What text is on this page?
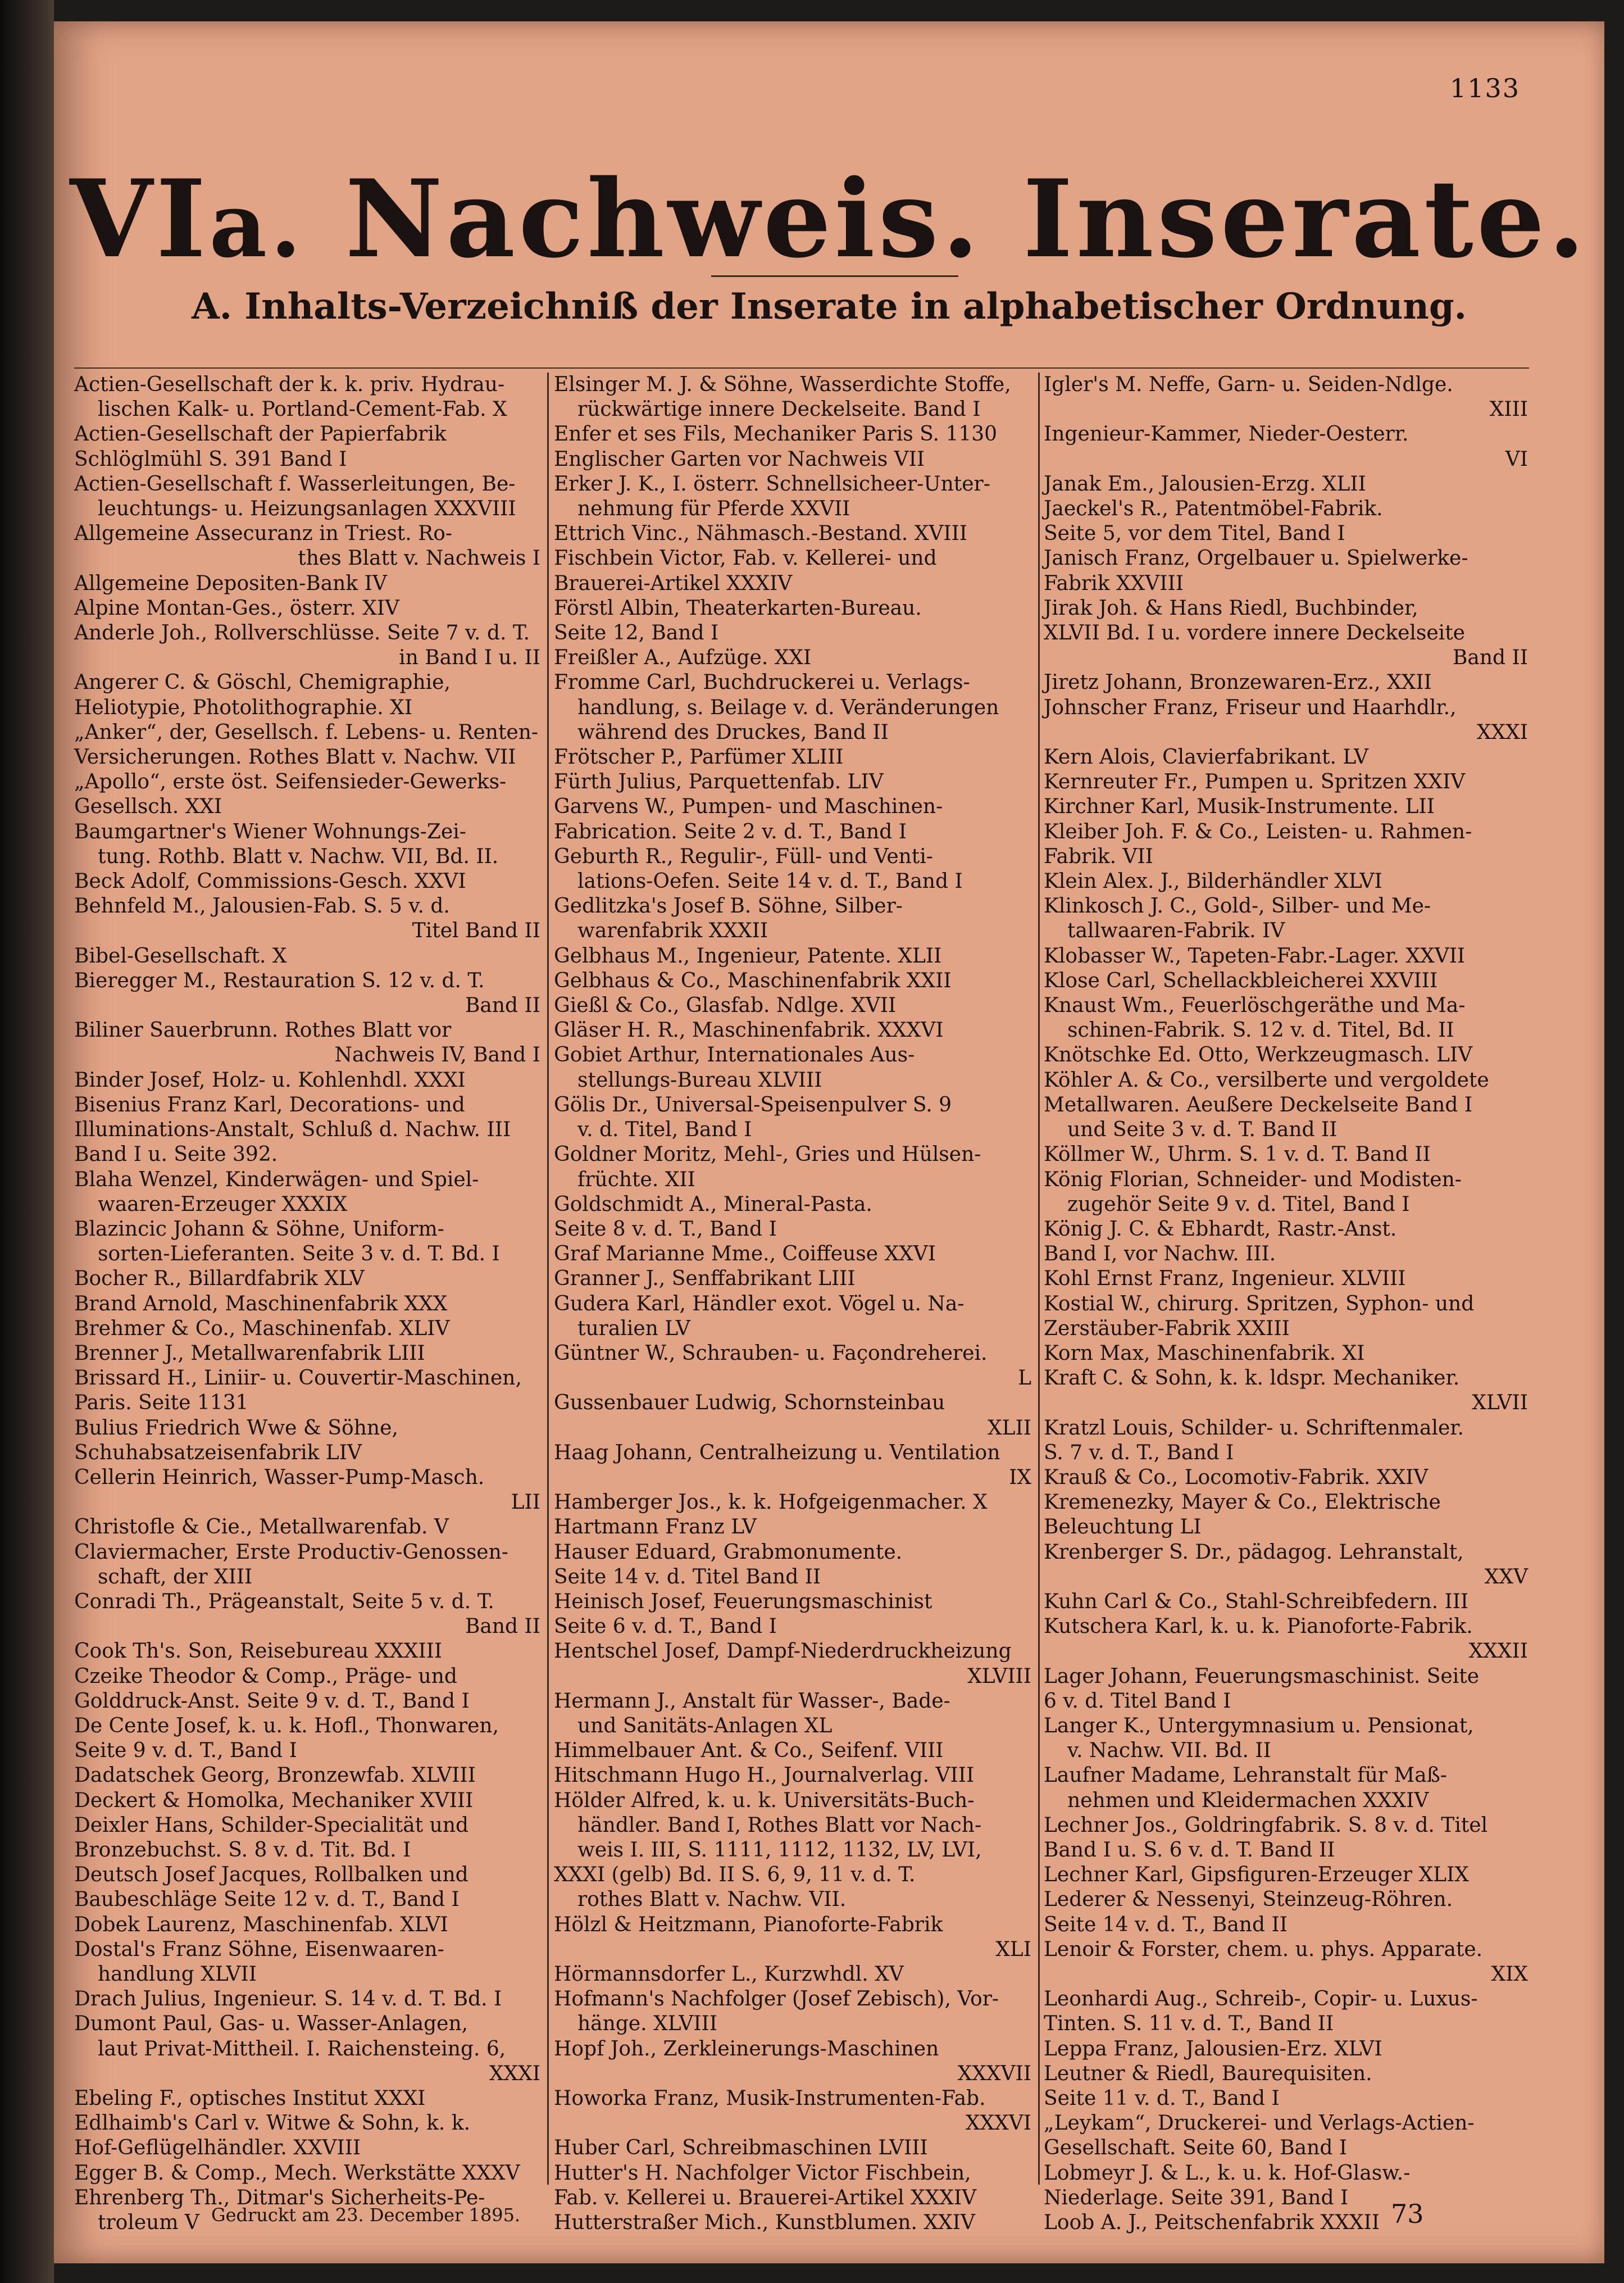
1133
VIa. Nachweis. Inserate.
A. Inhalts-Verzeichniß der Inserate in alphabetischer Ordnung.

Actien-Gesellschaft der k. k. priv. Hydrau-

lischen Kalk- u. Portland-Cement-Fab. X

Actien-Gesellschaft der Papierfabrik

Schlöglmühl S. 391 Band I

Actien-Gesellschaft f. Wasserleitungen, Be-

leuchtungs- u. Heizungsanlagen XXXVIII

Allgemeine Assecuranz in Triest. Ro-

thes Blatt v. Nachweis I

Allgemeine Depositen-Bank IV

Alpine Montan-Ges., österr. XIV

Anderle Joh., Rollverschlüsse. Seite 7 v. d. T.

in Band I u. II

Angerer C. & Göschl, Chemigraphie,

Heliotypie, Photolithographie. XI

„Anker“, der, Gesellsch. f. Lebens- u. Renten-

Versicherungen. Rothes Blatt v. Nachw. VII

„Apollo“, erste öst. Seifensieder-Gewerks-

Gesellsch. XXI

Baumgartner's Wiener Wohnungs-Zei-

tung. Rothb. Blatt v. Nachw. VII, Bd. II.

Beck Adolf, Commissions-Gesch. XXVI

Behnfeld M., Jalousien-Fab. S. 5 v. d.

Titel Band II

Bibel-Gesellschaft. X

Bieregger M., Restauration S. 12 v. d. T.

Band II

Biliner Sauerbrunn. Rothes Blatt vor

Nachweis IV, Band I

Binder Josef, Holz- u. Kohlenhdl. XXXI

Bisenius Franz Karl, Decorations- und

Illuminations-Anstalt, Schluß d. Nachw. III

Band I u. Seite 392.

Blaha Wenzel, Kinderwägen- und Spiel-

waaren-Erzeuger XXXIX

Blazincic Johann & Söhne, Uniform-

sorten-Lieferanten. Seite 3 v. d. T. Bd. I

Bocher R., Billardfabrik XLV

Brand Arnold, Maschinenfabrik XXX

Brehmer & Co., Maschinenfab. XLIV

Brenner J., Metallwarenfabrik LIII

Brissard H., Liniir- u. Couvertir-Maschinen,

Paris. Seite 1131

Bulius Friedrich Wwe & Söhne,

Schuhabsatzeisenfabrik LIV

Cellerin Heinrich, Wasser-Pump-Masch.

LII

Christofle & Cie., Metallwarenfab. V

Claviermacher, Erste Productiv-Genossen-

schaft, der XIII

Conradi Th., Prägeanstalt, Seite 5 v. d. T.

Band II

Cook Th's. Son, Reisebureau XXXIII

Czeike Theodor & Comp., Präge- und

Golddruck-Anst. Seite 9 v. d. T., Band I

De Cente Josef, k. u. k. Hofl., Thonwaren,

Seite 9 v. d. T., Band I

Dadatschek Georg, Bronzewfab. XLVIII

Deckert & Homolka, Mechaniker XVIII

Deixler Hans, Schilder-Specialität und

Bronzebuchst. S. 8 v. d. Tit. Bd. I

Deutsch Josef Jacques, Rollbalken und

Baubeschläge Seite 12 v. d. T., Band I

Dobek Laurenz, Maschinenfab. XLVI

Dostal's Franz Söhne, Eisenwaaren-

handlung XLVII

Drach Julius, Ingenieur. S. 14 v. d. T. Bd. I

Dumont Paul, Gas- u. Wasser-Anlagen,

laut Privat-Mittheil. I. Raichensteing. 6,

XXXI

Ebeling F., optisches Institut XXXI

Edlhaimb's Carl v. Witwe & Sohn, k. k.

Hof-Geflügelhändler. XXVIII

Egger B. & Comp., Mech. Werkstätte XXXV

Ehrenberg Th., Ditmar's Sicherheits-Pe-

troleum V

Elsinger M. J. & Söhne, Wasserdichte Stoffe,

rückwärtige innere Deckelseite. Band I

Enfer et ses Fils, Mechaniker Paris S. 1130

Englischer Garten vor Nachweis VII

Erker J. K., I. österr. Schnellsicheer-Unter-

nehmung für Pferde XXVII

Ettrich Vinc., Nähmasch.-Bestand. XVIII

Fischbein Victor, Fab. v. Kellerei- und

Brauerei-Artikel XXXIV

Förstl Albin, Theaterkarten-Bureau.

Seite 12, Band I

Freißler A., Aufzüge. XXI

Fromme Carl, Buchdruckerei u. Verlags-

handlung, s. Beilage v. d. Veränderungen

während des Druckes, Band II

Frötscher P., Parfümer XLIII

Fürth Julius, Parquettenfab. LIV

Garvens W., Pumpen- und Maschinen-

Fabrication. Seite 2 v. d. T., Band I

Geburth R., Regulir-, Füll- und Venti-

lations-Oefen. Seite 14 v. d. T., Band I

Gedlitzka's Josef B. Söhne, Silber-

warenfabrik XXXII

Gelbhaus M., Ingenieur, Patente. XLII

Gelbhaus & Co., Maschinenfabrik XXII

Gießl & Co., Glasfab. Ndlge. XVII

Gläser H. R., Maschinenfabrik. XXXVI

Gobiet Arthur, Internationales Aus-

stellungs-Bureau XLVIII

Gölis Dr., Universal-Speisenpulver S. 9

v. d. Titel, Band I

Goldner Moritz, Mehl-, Gries und Hülsen-

früchte. XII

Goldschmidt A., Mineral-Pasta.

Seite 8 v. d. T., Band I

Graf Marianne Mme., Coiffeuse XXVI

Granner J., Senffabrikant LIII

Gudera Karl, Händler exot. Vögel u. Na-

turalien LV

Güntner W., Schrauben- u. Façondreherei.

L

Gussenbauer Ludwig, Schornsteinbau

XLII

Haag Johann, Centralheizung u. Ventilation

IX

Hamberger Jos., k. k. Hofgeigenmacher. X

Hartmann Franz LV

Hauser Eduard, Grabmonumente.

Seite 14 v. d. Titel Band II

Heinisch Josef, Feuerungsmaschinist

Seite 6 v. d. T., Band I

Hentschel Josef, Dampf-Niederdruckheizung

XLVIII

Hermann J., Anstalt für Wasser-, Bade-

und Sanitäts-Anlagen XL

Himmelbauer Ant. & Co., Seifenf. VIII

Hitschmann Hugo H., Journalverlag. VIII

Hölder Alfred, k. u. k. Universitäts-Buch-

händler. Band I, Rothes Blatt vor Nach-

weis I. III, S. 1111, 1112, 1132, LV, LVI,

XXXI (gelb) Bd. II S. 6, 9, 11 v. d. T.

rothes Blatt v. Nachw. VII.

Hölzl & Heitzmann, Pianoforte-Fabrik

XLI

Hörmannsdorfer L., Kurzwhdl. XV

Hofmann's Nachfolger (Josef Zebisch), Vor-

hänge. XLVIII

Hopf Joh., Zerkleinerungs-Maschinen

XXXVII

Howorka Franz, Musik-Instrumenten-Fab.

XXXVI

Huber Carl, Schreibmaschinen LVIII

Hutter's H. Nachfolger Victor Fischbein,

Fab. v. Kellerei u. Brauerei-Artikel XXXIV

Hutterstraßer Mich., Kunstblumen. XXIV

Igler's M. Neffe, Garn- u. Seiden-Ndlge.

XIII

Ingenieur-Kammer, Nieder-Oesterr.

VI

Janak Em., Jalousien-Erzg. XLII

Jaeckel's R., Patentmöbel-Fabrik.

Seite 5, vor dem Titel, Band I

Janisch Franz, Orgelbauer u. Spielwerke-

Fabrik XXVIII

Jirak Joh. & Hans Riedl, Buchbinder,

XLVII Bd. I u. vordere innere Deckelseite

Band II

Jiretz Johann, Bronzewaren-Erz., XXII

Johnscher Franz, Friseur und Haarhdlr.,

XXXI

Kern Alois, Clavierfabrikant. LV

Kernreuter Fr., Pumpen u. Spritzen XXIV

Kirchner Karl, Musik-Instrumente. LII

Kleiber Joh. F. & Co., Leisten- u. Rahmen-

Fabrik. VII

Klein Alex. J., Bilderhändler XLVI

Klinkosch J. C., Gold-, Silber- und Me-

tallwaaren-Fabrik. IV

Klobasser W., Tapeten-Fabr.-Lager. XXVII

Klose Carl, Schellackbleicherei XXVIII

Knaust Wm., Feuerlöschgeräthe und Ma-

schinen-Fabrik. S. 12 v. d. Titel, Bd. II

Knötschke Ed. Otto, Werkzeugmasch. LIV

Köhler A. & Co., versilberte und vergoldete

Metallwaren. Aeußere Deckelseite Band I

und Seite 3 v. d. T. Band II

Köllmer W., Uhrm. S. 1 v. d. T. Band II

König Florian, Schneider- und Modisten-

zugehör Seite 9 v. d. Titel, Band I

König J. C. & Ebhardt, Rastr.-Anst.

Band I, vor Nachw. III.

Kohl Ernst Franz, Ingenieur. XLVIII

Kostial W., chirurg. Spritzen, Syphon- und

Zerstäuber-Fabrik XXIII

Korn Max, Maschinenfabrik. XI

Kraft C. & Sohn, k. k. ldspr. Mechaniker.

XLVII

Kratzl Louis, Schilder- u. Schriftenmaler.

S. 7 v. d. T., Band I

Krauß & Co., Locomotiv-Fabrik. XXIV

Kremenezky, Mayer & Co., Elektrische

Beleuchtung LI

Krenberger S. Dr., pädagog. Lehranstalt,

XXV

Kuhn Carl & Co., Stahl-Schreibfedern. III

Kutschera Karl, k. u. k. Pianoforte-Fabrik.

XXXII

Lager Johann, Feuerungsmaschinist. Seite

6 v. d. Titel Band I

Langer K., Untergymnasium u. Pensionat,

v. Nachw. VII. Bd. II

Laufner Madame, Lehranstalt für Maß-

nehmen und Kleidermachen XXXIV

Lechner Jos., Goldringfabrik. S. 8 v. d. Titel

Band I u. S. 6 v. d. T. Band II

Lechner Karl, Gipsfiguren-Erzeuger XLIX

Lederer & Nessenyi, Steinzeug-Röhren.

Seite 14 v. d. T., Band II

Lenoir & Forster, chem. u. phys. Apparate.

XIX

Leonhardi Aug., Schreib-, Copir- u. Luxus-

Tinten. S. 11 v. d. T., Band II

Leppa Franz, Jalousien-Erz. XLVI

Leutner & Riedl, Baurequisiten.

Seite 11 v. d. T., Band I

„Leykam“, Druckerei- und Verlags-Actien-

Gesellschaft. Seite 60, Band I

Lobmeyr J. & L., k. u. k. Hof-Glasw.-

Niederlage. Seite 391, Band I

Loob A. J., Peitschenfabrik XXXII

Gedruckt am 23. December 1895.	73
